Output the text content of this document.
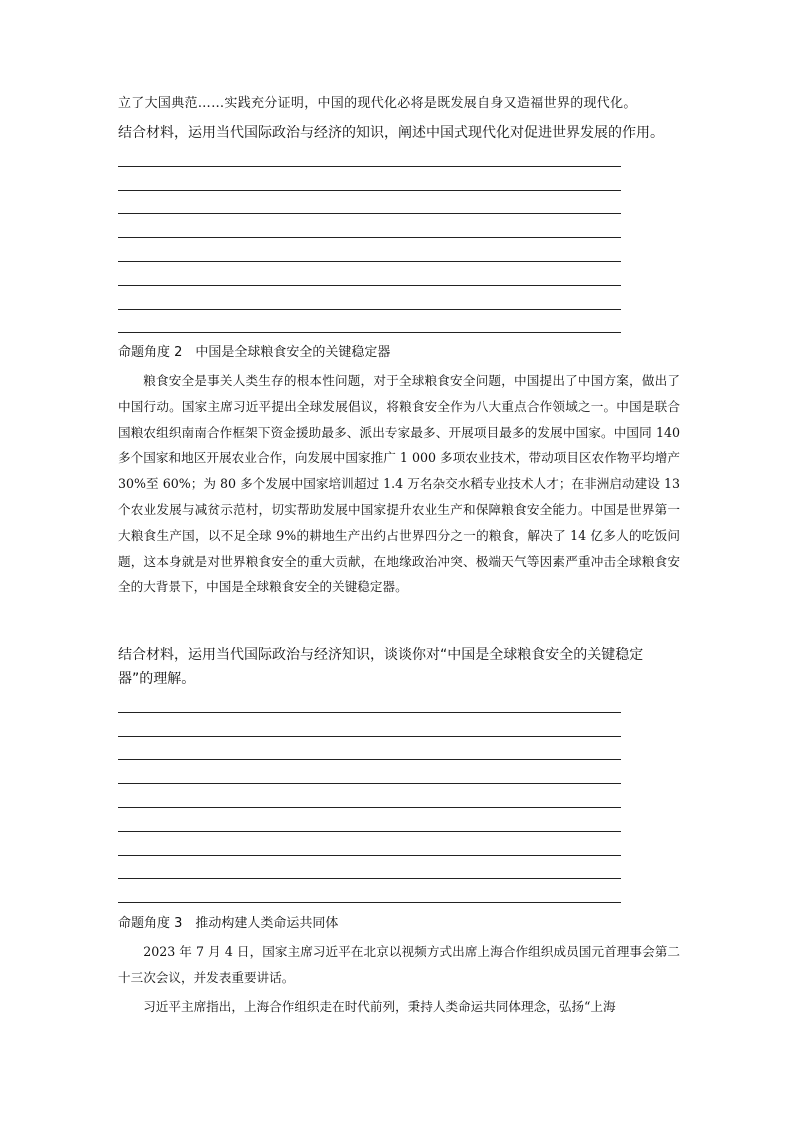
立了大国典范……实践充分证明，中国的现代化必将是既发展自身又造福世界的现代化。
结合材料，运用当代国际政治与经济的知识，阐述中国式现代化对促进世界发展的作用。
命题角度 2　中国是全球粮食安全的关键稳定器

粮食安全是事关人类生存的根本性问题，对于全球粮食安全问题，中国提出了中国方案，做出了中国行动。国家主席习近平提出全球发展倡议，将粮食安全作为八大重点合作领域之一。中国是联合国粮农组织南南合作框架下资金援助最多、派出专家最多、开展项目最多的发展中国家。中国同 140 多个国家和地区开展农业合作，向发展中国家推广 1 000 多项农业技术，带动项目区农作物平均增产 30%至 60%；为 80 多个发展中国家培训超过 1.4 万名杂交水稻专业技术人才；在非洲启动建设 13 个农业发展与减贫示范村，切实帮助发展中国家提升农业生产和保障粮食安全能力。中国是世界第一大粮食生产国，以不足全球 9%的耕地生产出约占世界四分之一的粮食，解决了 14 亿多人的吃饭问题，这本身就是对世界粮食安全的重大贡献，在地缘政治冲突、极端天气等因素严重冲击全球粮食安全的大背景下，中国是全球粮食安全的关键稳定器。

结合材料，运用当代国际政治与经济知识，谈谈你对“中国是全球粮食安全的关键稳定器”的理解。
命题角度 3　推动构建人类命运共同体

2023 年 7 月 4 日，国家主席习近平在北京以视频方式出席上海合作组织成员国元首理事会第二十三次会议，并发表重要讲话。

习近平主席指出，上海合作组织走在时代前列，秉持人类命运共同体理念，弘扬“上海
